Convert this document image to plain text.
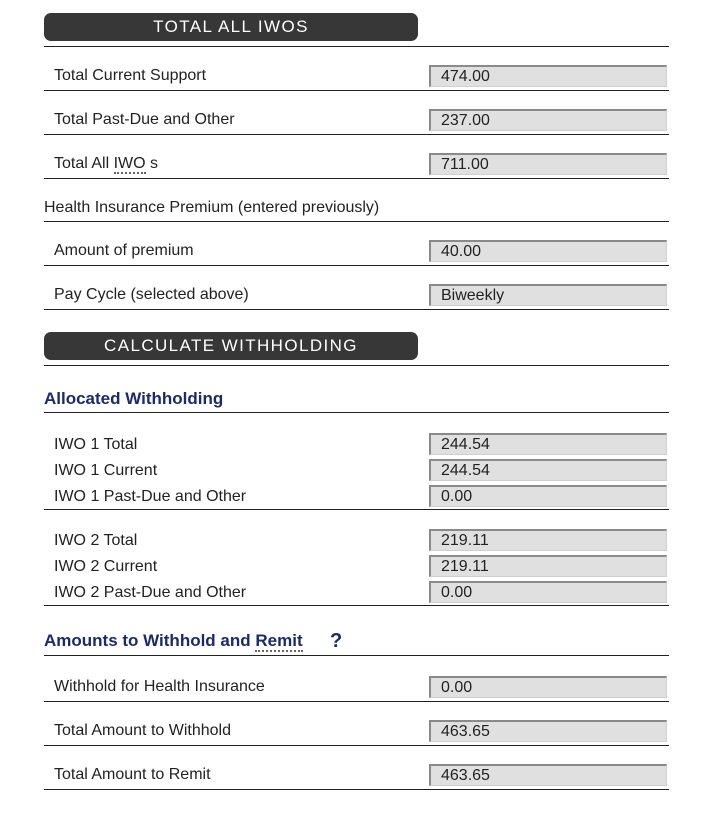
TOTAL ALL IWOS
Total Current Support	474.00
Total Past-Due and Other	237.00
Total All IWO s	711.00
Health Insurance Premium (entered previously)
Amount of premium	40.00
Pay Cycle (selected above)	Biweekly
CALCULATE WITHHOLDING
Allocated Withholding
IWO 1 Total	244.54
IWO 1 Current	244.54
IWO 1 Past-Due and Other	0.00
IWO 2 Total	219.11
IWO 2 Current	219.11
IWO 2 Past-Due and Other	0.00
Amounts to Withhold and Remit ?
Withhold for Health Insurance	0.00
Total Amount to Withhold	463.65
Total Amount to Remit	463.65
